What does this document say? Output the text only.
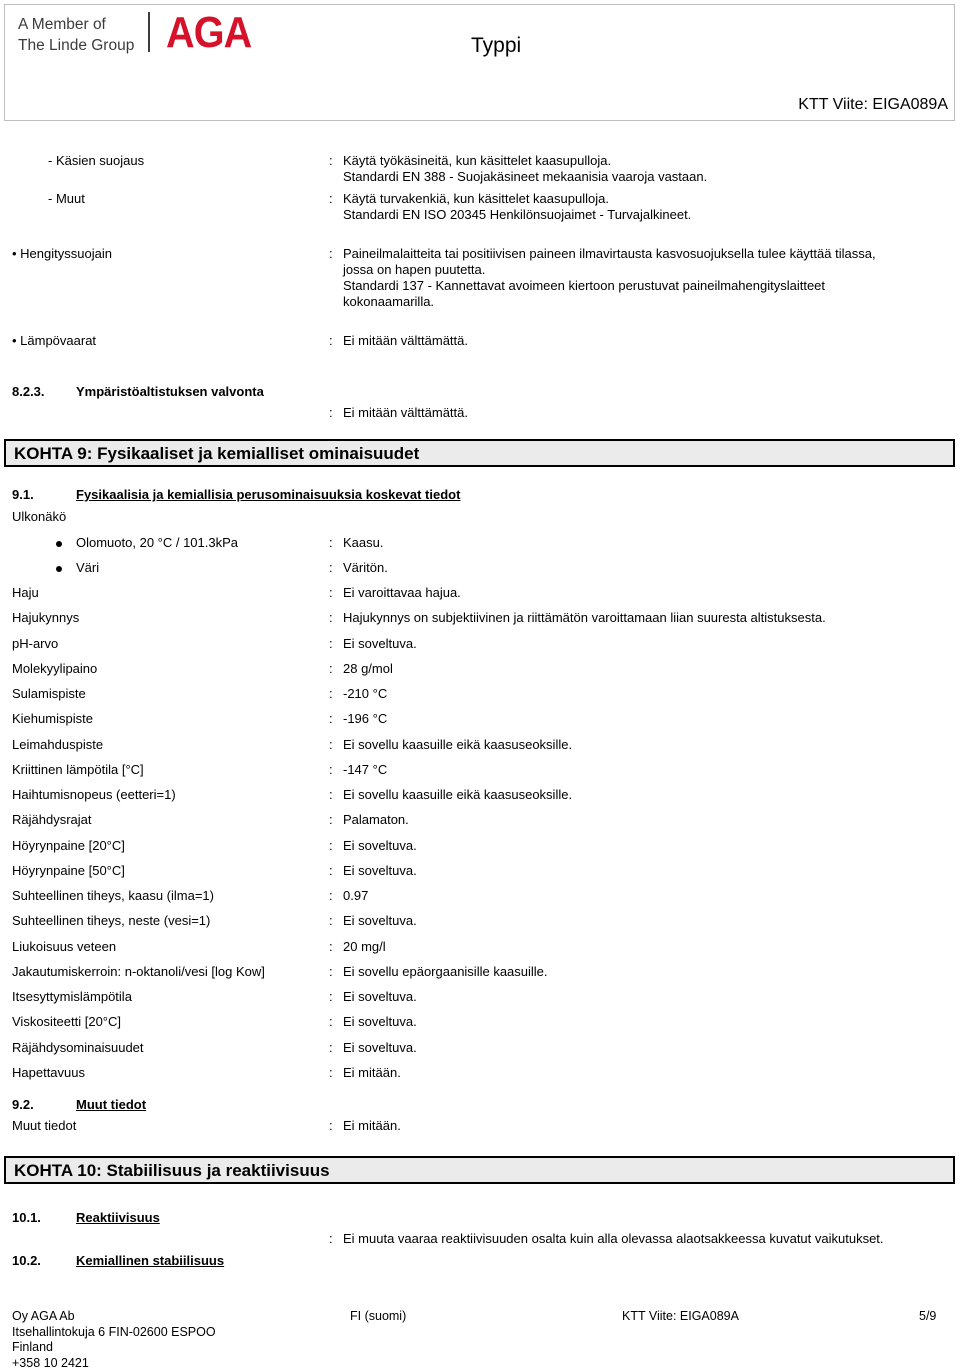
A Member of
The Linde Group AGA	Typpi
KTT Viite: EIGA089A
- Käsien suojaus	: Käytä työkäsineitä, kun käsittelet kaasupulloja.
Standardi EN 388 - Suojakäsineet mekaanisia vaaroja vastaan.
- Muut	: Käytä turvakenkiä, kun käsittelet kaasupulloja.
Standardi EN ISO 20345 Henkilönsuojaimet - Turvajalkineet.
• Hengityssuojain	: Paineilmalaitteita tai positiivisen paineen ilmavirtausta kasvosuojuksella tulee käyttää tilassa,
jossa on hapen puutetta.
Standardi 137 - Kannettavat avoimeen kiertoon perustuvat paineilmahengityslaitteet
kokonaamarilla.
• Lämpövaarat	: Ei mitään välttämättä.
8.2.3. Ympäristöaltistuksen valvonta
: Ei mitään välttämättä.
KOHTA 9: Fysikaaliset ja kemialliset ominaisuudet
9.1.	Fysikaalisia ja kemiallisia perusominaisuuksia koskevat tiedot
Ulkonäkö
Olomuoto, 20 °C / 101.3kPa	: Kaasu.
Väri	: Väritön.
Haju	: Ei varoittavaa hajua.
Hajukynnys	: Hajukynnys on subjektiivinen ja riittämätön varoittamaan liian suuresta altistuksesta.
pH-arvo	: Ei soveltuva.
Molekyylipaino	: 28 g/mol
Sulamispiste	: -210 °C
Kiehumispiste	: -196 °C
Leimahduspiste	: Ei sovellu kaasuille eikä kaasuseoksille.
Kriittinen lämpötila [°C]	: -147 °C
Haihtumisnopeus (eetteri=1)	: Ei sovellu kaasuille eikä kaasuseoksille.
Räjähdysrajat	: Palamaton.
Höyrynpaine [20°C]	: Ei soveltuva.
Höyrynpaine [50°C]	: Ei soveltuva.
Suhteellinen tiheys, kaasu (ilma=1)	: 0.97
Suhteellinen tiheys, neste (vesi=1)	: Ei soveltuva.
Liukoisuus veteen	: 20 mg/l
Jakautumiskerroin: n-oktanoli/vesi [log Kow]	: Ei sovellu epäorgaanisille kaasuille.
Itsesyttymislämpötila	: Ei soveltuva.
Viskositeetti [20°C]	: Ei soveltuva.
Räjähdysominaisuudet	: Ei soveltuva.
Hapettavuus	: Ei mitään.
9.2.	Muut tiedot
Muut tiedot	: Ei mitään.
KOHTA 10: Stabiilisuus ja reaktiivisuus
10.1.	Reaktiivisuus
: Ei muuta vaaraa reaktiivisuuden osalta kuin alla olevassa alaotsakkeessa kuvatut vaikutukset.
10.2.	Kemiallinen stabiilisuus
Oy AGA Ab
Itsehallintokuja 6 FIN-02600 ESPOO
Finland
+358 10 2421
FI (suomi)	KTT Viite: EIGA089A	5/9
